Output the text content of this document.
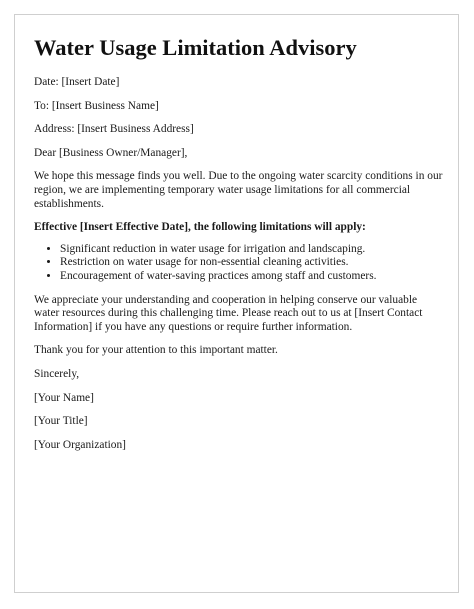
Water Usage Limitation Advisory

Date: [Insert Date]

To: [Insert Business Name]

Address: [Insert Business Address]

Dear [Business Owner/Manager],

We hope this message finds you well. Due to the ongoing water scarcity conditions in our region, we are implementing temporary water usage limitations for all commercial establishments.

Effective [Insert Effective Date], the following limitations will apply:

• Significant reduction in water usage for irrigation and landscaping.
• Restriction on water usage for non-essential cleaning activities.
• Encouragement of water-saving practices among staff and customers.

We appreciate your understanding and cooperation in helping conserve our valuable water resources during this challenging time. Please reach out to us at [Insert Contact Information] if you have any questions or require further information.

Thank you for your attention to this important matter.

Sincerely,

[Your Name]

[Your Title]

[Your Organization]
